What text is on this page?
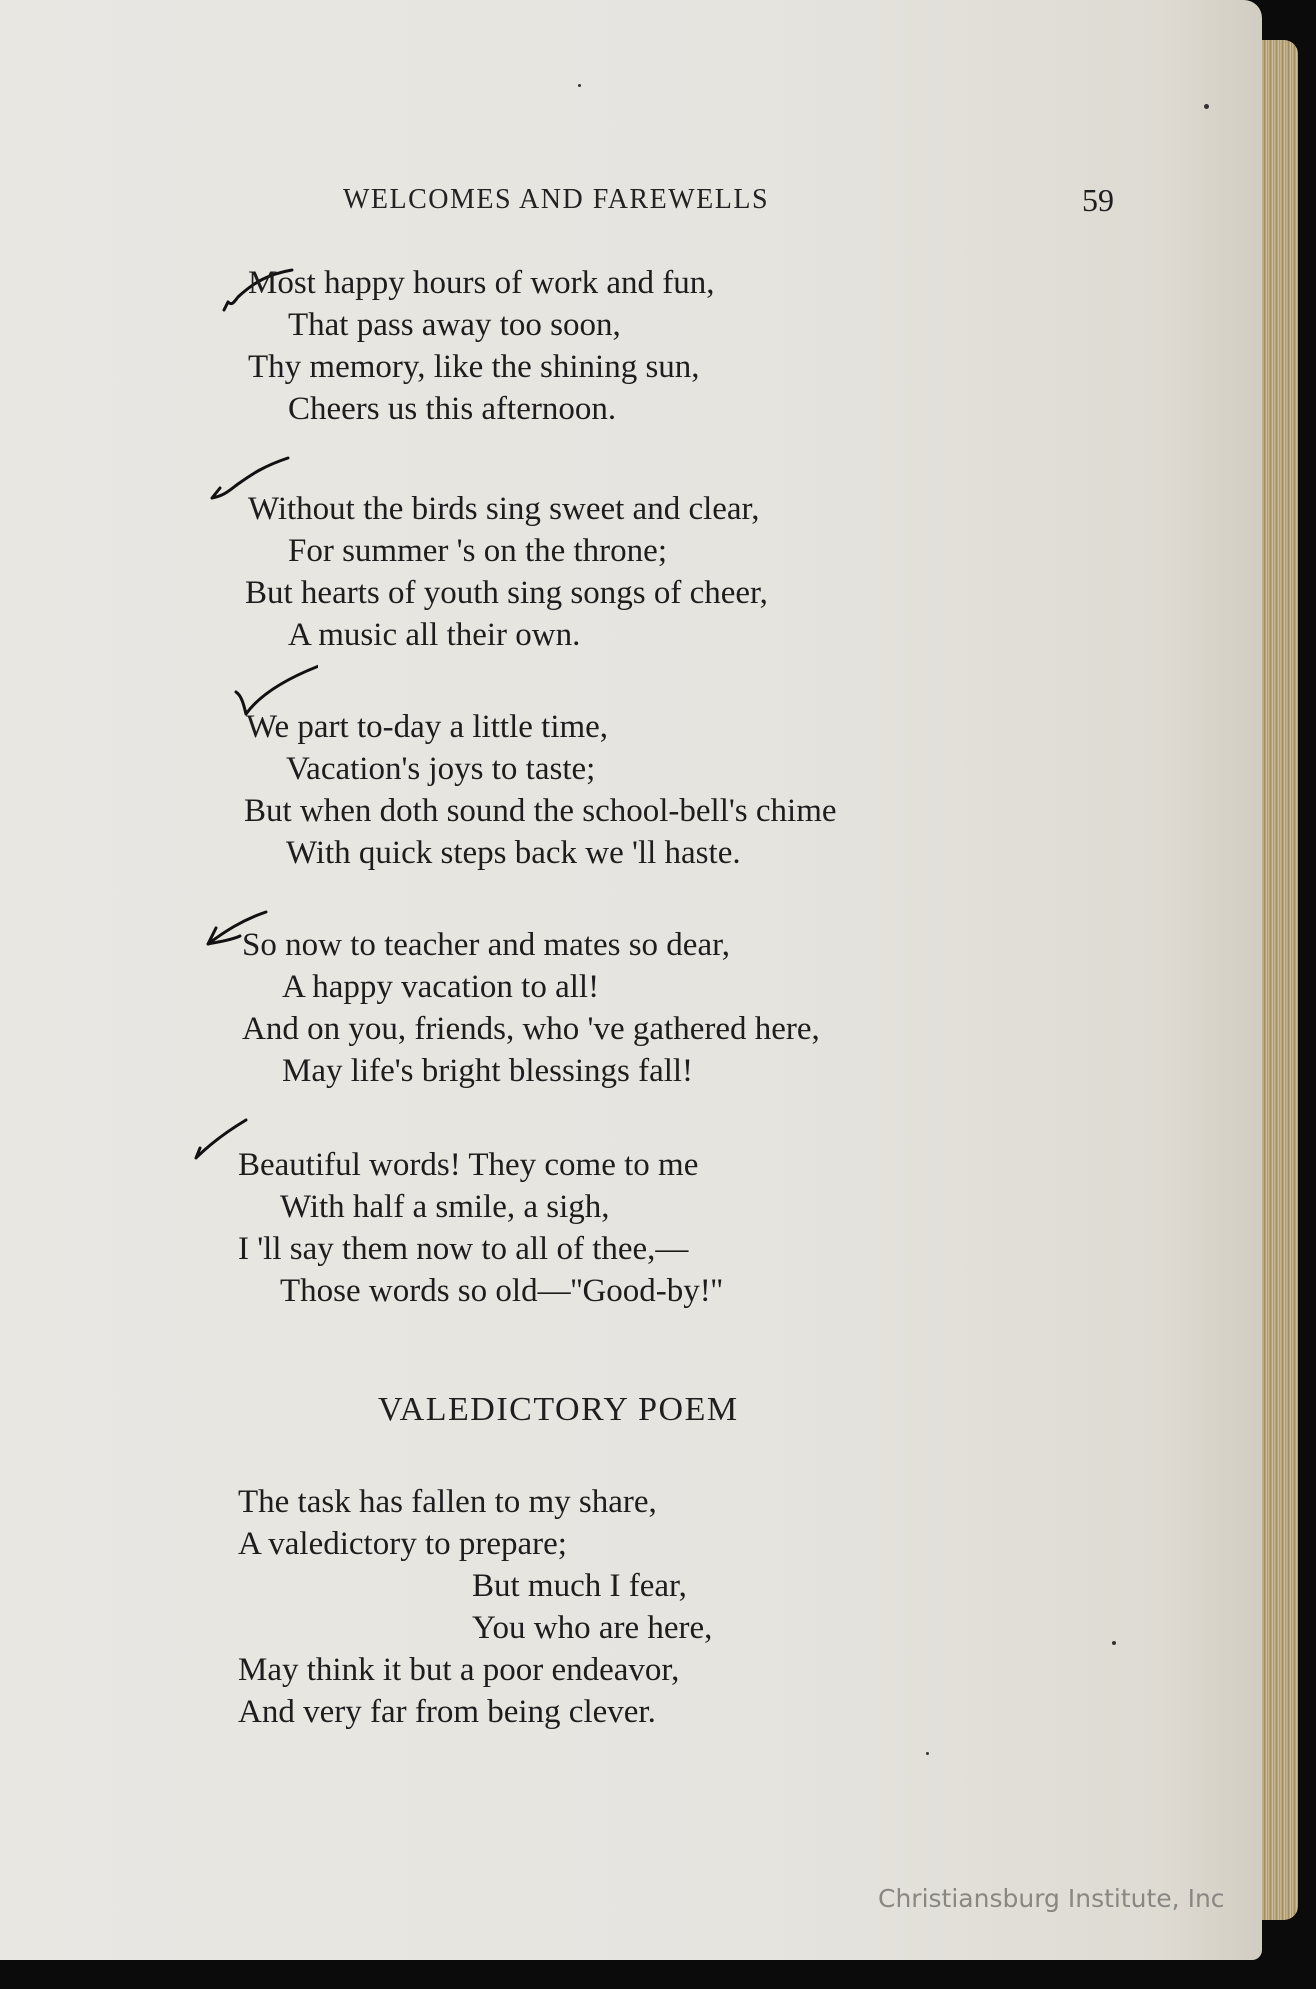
WELCOMES AND FAREWELLS	59
Most happy hours of work and fun,
That pass away too soon,
Thy memory, like the shining sun,
Cheers us this afternoon.
Without the birds sing sweet and clear,
For summer 's on the throne;
But hearts of youth sing songs of cheer,
A music all their own.
We part to-day a little time,
Vacation's joys to taste;
But when doth sound the school-bell's chime
With quick steps back we 'll haste.
So now to teacher and mates so dear,
A happy vacation to all!
And on you, friends, who 've gathered here,
May life's bright blessings fall!
Beautiful words! They come to me
With half a smile, a sigh,
I 'll say them now to all of thee,—
Those words so old—''Good-by!''
VALEDICTORY POEM
The task has fallen to my share,
A valedictory to prepare;
But much I fear,
You who are here,
May think it but a poor endeavor,
And very far from being clever.
Christiansburg Institute, Inc
